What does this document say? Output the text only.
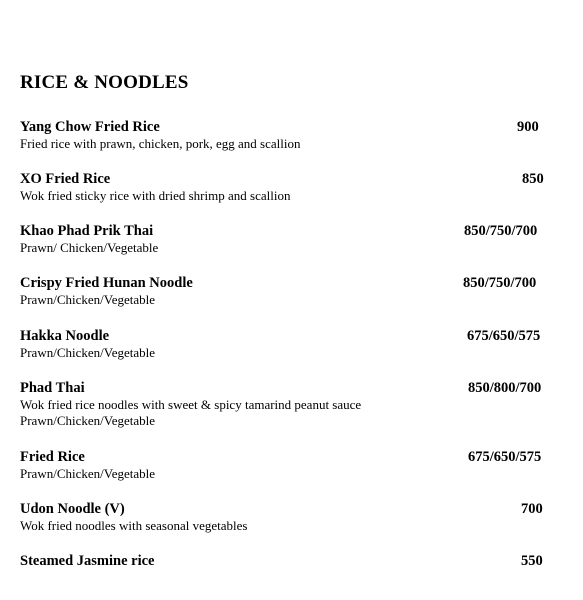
RICE & NOODLES
Yang Chow Fried Rice
Fried rice with prawn, chicken, pork, egg and scallion
900
XO Fried Rice
Wok fried sticky rice with dried shrimp and scallion
850
Khao Phad Prik Thai
Prawn/ Chicken/Vegetable
850/750/700
Crispy Fried Hunan Noodle
Prawn/Chicken/Vegetable
850/750/700
Hakka Noodle
Prawn/Chicken/Vegetable
675/650/575
Phad Thai
Wok fried rice noodles with sweet & spicy tamarind peanut sauce
Prawn/Chicken/Vegetable
850/800/700
Fried Rice
Prawn/Chicken/Vegetable
675/650/575
Udon Noodle (V)
Wok fried noodles with seasonal vegetables
700
Steamed Jasmine rice	550
